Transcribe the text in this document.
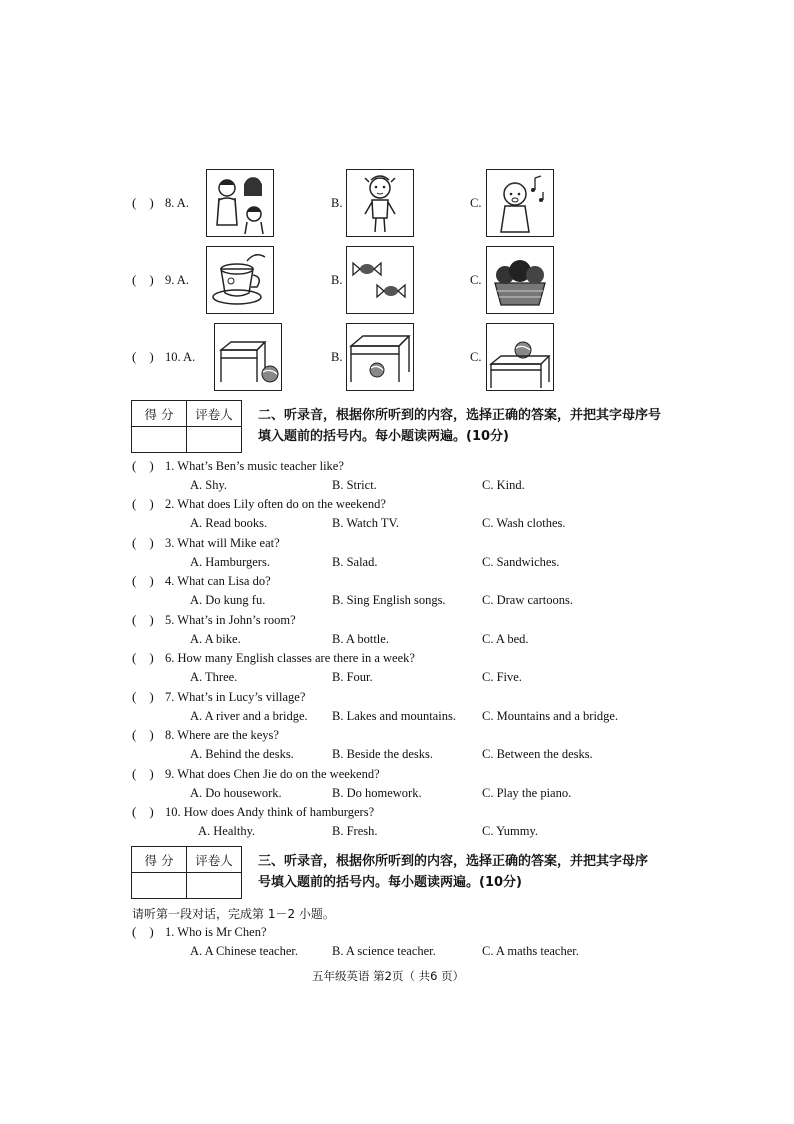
(    ) 8. A.	B.	C.
(    ) 9. A.	B.	C.
(    ) 10. A.	B.	C.
得 分	评卷人
	二、听录音，根据你所听到的内容，选择正确的答案，并把其字母序号
填入题前的括号内。每小题读两遍。(10分)
(    ) 1. What’s Ben’s music teacher like?
A. Shy.	B. Strict.	C. Kind.
(    ) 2. What does Lily often do on the weekend?
A. Read books.	B. Watch TV.	C. Wash clothes.
(    ) 3. What will Mike eat?
A. Hamburgers.	B. Salad.	C. Sandwiches.
(    ) 4. What can Lisa do?
A. Do kung fu.	B. Sing English songs.	C. Draw cartoons.
(    ) 5. What’s in John’s room?
A. A bike.	B. A bottle.	C. A bed.
(    ) 6. How many English classes are there in a week?
A. Three.	B. Four.	C. Five.
(    ) 7. What’s in Lucy’s village?
A. A river and a bridge. B. Lakes and mountains. C. Mountains and a bridge.
(    ) 8. Where are the keys?
A. Behind the desks.	B. Beside the desks.	C. Between the desks.
(    ) 9. What does Chen Jie do on the weekend?
A. Do housework.	B. Do homework.	C. Play the piano.
(    ) 10. How does Andy think of hamburgers?
A. Healthy.	B. Fresh.	C. Yummy.
得 分	评卷人
	三、听录音，根据你所听到的内容，选择正确的答案，并把其字母序
号填入题前的括号内。每小题读两遍。(10分)
请听第一段对话，完成第 1－2 小题。
(    ) 1. Who is Mr Chen?
A. A Chinese teacher.	B. A science teacher.	C. A maths teacher.
五年级英语 第2页（ 共6 页）
